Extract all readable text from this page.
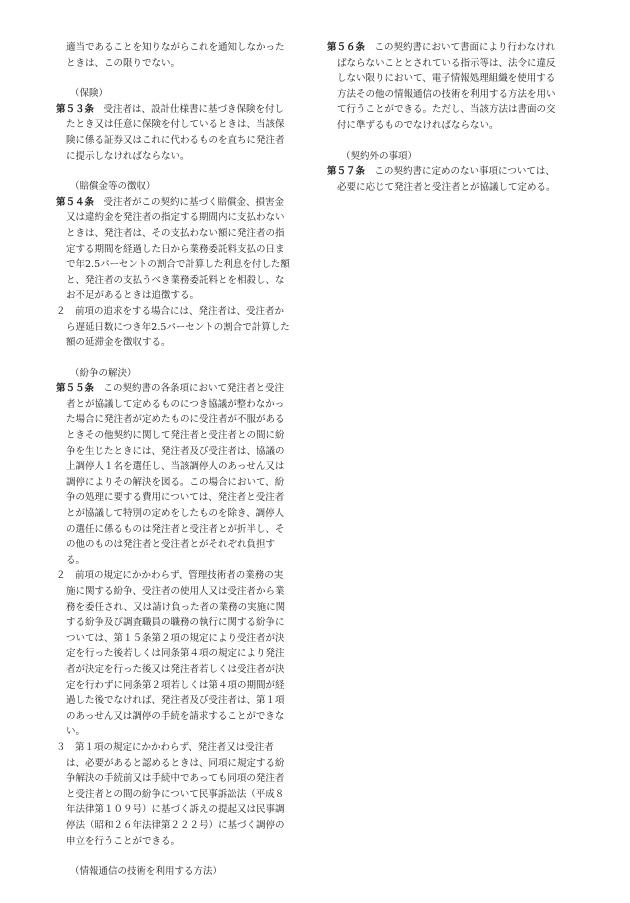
適当であることを知りながらこれを通知しなかった
ときは、この限りでない。

（保険）

第５３条　受注者は、設計仕様書に基づき保険を付し
たとき又は任意に保険を付しているときは、当該保
険に係る証券又はこれに代わるものを直ちに発注者
に提示しなければならない。

（賠償金等の徴収）

第５４条　受注者がこの契約に基づく賠償金、損害金
又は違約金を発注者の指定する期間内に支払わない
ときは、発注者は、その支払わない額に発注者の指
定する期間を経過した日から業務委託料支払の日ま
で年2.5パーセントの割合で計算した利息を付した額
と、発注者の支払うべき業務委託料とを相殺し、な
お不足があるときは追徴する。

２　前項の追求をする場合には、発注者は、受注者か
ら遅延日数につき年2.5パーセントの割合で計算した
額の延滞金を徴収する。

（紛争の解決）

第５５条　この契約書の各条項において発注者と受注
者とが協議して定めるものにつき協議が整わなかっ
た場合に発注者が定めたものに受注者が不服がある
ときその他契約に関して発注者と受注者との間に紛
争を生じたときには、発注者及び受注者は、協議の
上調停人１名を選任し、当該調停人のあっせん又は
調停によりその解決を図る。この場合において、紛
争の処理に要する費用については、発注者と受注者
とが協議して特別の定めをしたものを除き、調停人
の選任に係るものは発注者と受注者とが折半し、そ
の他のものは発注者と受注者とがそれぞれ負担す
る。

２　前項の規定にかかわらず、管理技術者の業務の実
施に関する紛争、受注者の使用人又は受注者から業
務を委任され、又は請け負った者の業務の実施に関
する紛争及び調査職員の職務の執行に関する紛争に
ついては、第１５条第２項の規定により受注者が決
定を行った後若しくは同条第４項の規定により発注
者が決定を行った後又は発注者若しくは受注者が決
定を行わずに同条第２項若しくは第４項の期間が経
過した後でなければ、発注者及び受注者は、第１項
のあっせん又は調停の手続を請求することができな
い。

３　第１項の規定にかかわらず、発注者又は受注者
は、必要があると認めるときは、同項に規定する紛
争解決の手続前又は手続中であっても同項の発注者
と受注者との間の紛争について民事訴訟法（平成８
年法律第１０９号）に基づく訴えの提起又は民事調
停法（昭和２６年法律第２２２号）に基づく調停の
申立を行うことができる。

（情報通信の技術を利用する方法）

第５６条　この契約書において書面により行わなけれ
ばならないこととされている指示等は、法令に違反
しない限りにおいて、電子情報処理組織を使用する
方法その他の情報通信の技術を利用する方法を用い
て行うことができる。ただし、当該方法は書面の交
付に準ずるものでなければならない。

（契約外の事項）

第５７条　この契約書に定めのない事項については、
必要に応じて発注者と受注者とが協議して定める。
